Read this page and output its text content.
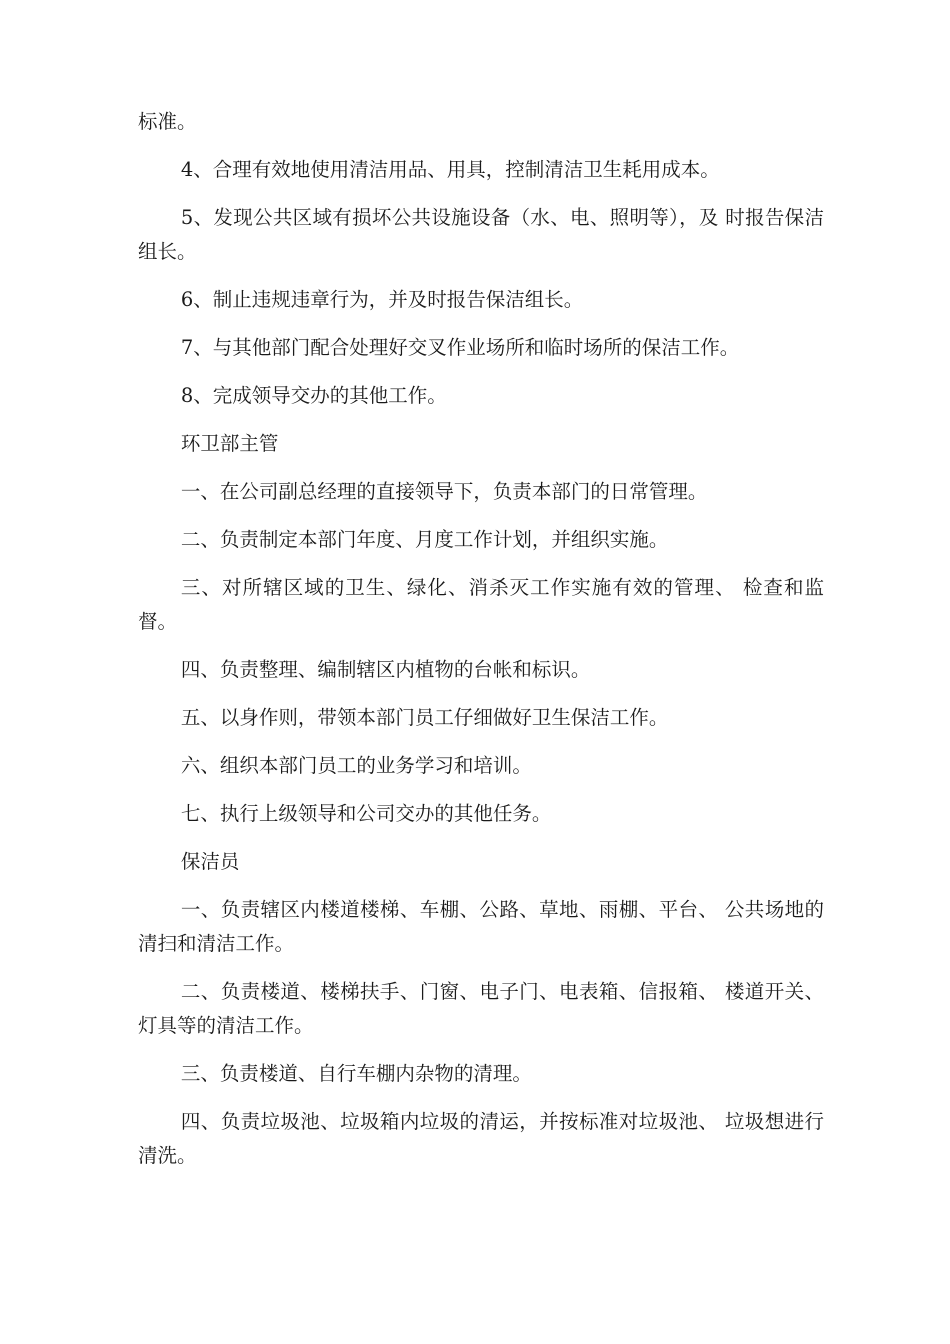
标准。

4、合理有效地使用清洁用品、用具，控制清洁卫生耗用成本。

5、发现公共区域有损坏公共设施设备（水、电、照明等），及 时报告保洁组长。

6、制止违规违章行为，并及时报告保洁组长。

7、与其他部门配合处理好交叉作业场所和临时场所的保洁工作。

8、完成领导交办的其他工作。

环卫部主管

一、在公司副总经理的直接领导下，负责本部门的日常管理。

二、负责制定本部门年度、月度工作计划，并组织实施。

三、对所辖区域的卫生、绿化、消杀灭工作实施有效的管理、 检查和监督。

四、负责整理、编制辖区内植物的台帐和标识。

五、以身作则，带领本部门员工仔细做好卫生保洁工作。

六、组织本部门员工的业务学习和培训。

七、执行上级领导和公司交办的其他任务。

保洁员

一、负责辖区内楼道楼梯、车棚、公路、草地、雨棚、平台、 公共场地的清扫和清洁工作。

二、负责楼道、楼梯扶手、门窗、电子门、电表箱、信报箱、 楼道开关、灯具等的清洁工作。

三、负责楼道、自行车棚内杂物的清理。

四、负责垃圾池、垃圾箱内垃圾的清运，并按标准对垃圾池、 垃圾想进行清洗。
